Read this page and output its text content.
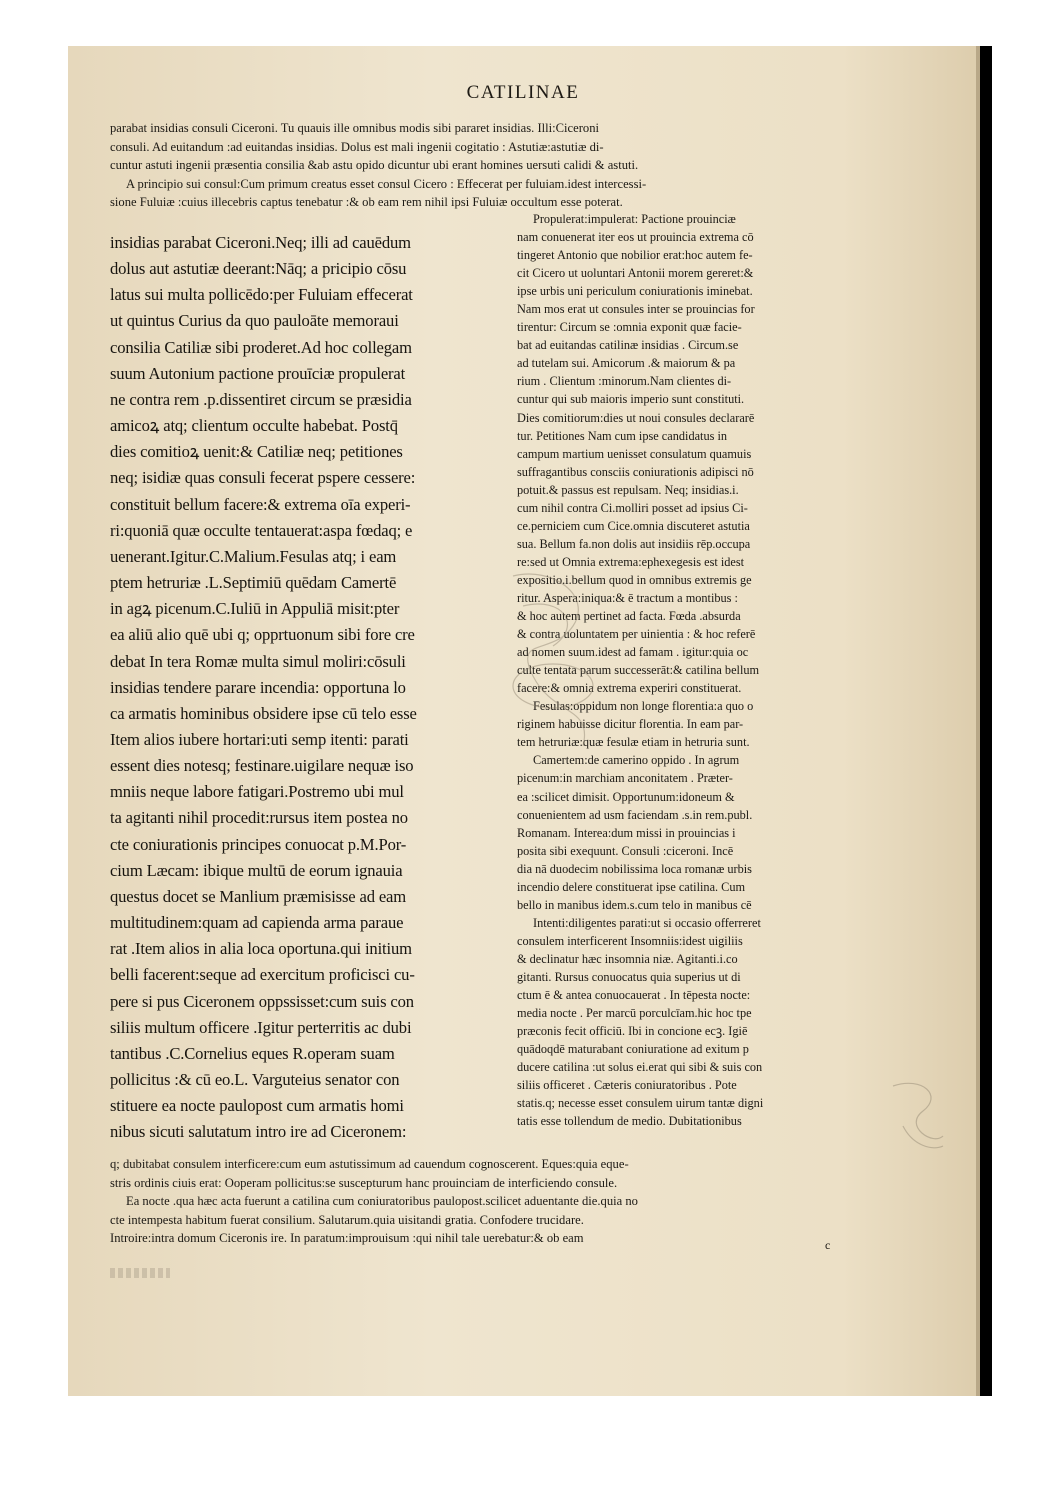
CATILINAE
parabat insidias consuli Ciceroni. Tu quauis ille omnibus modis sibi pararet insidias. Illi:Ciceroni
consuli. Ad euitandum :ad euitandas insidias. Dolus est mali ingenii cogitatio : Astutiæ:astutiæ di-
cuntur astuti ingenii præsentia consilia &ab astu opido dicuntur ubi erant homines uersuti calidi & astuti.
A principio sui consul:Cum primum creatus esset consul Cicero : Effecerat per fuluiam.idest intercessi-
sione Fuluiæ :cuius illecebris captus tenebatur :& ob eam rem nihil ipsi Fuluiæ occultum esse poterat.
insidias parabat Ciceroni.Neq; illi ad cauēdum
dolus aut astutiæ deerant:Nāq; a pricipio cōsu
latus sui multa pollicēdo:per Fuluiam effecerat
ut quintus Curius da quo pauloāte memoraui
consilia Catiliæ sibi proderet.Ad hoc collegam
suum Autonium pactione prouīciæ propulerat
ne contra rem .p.dissentiret circum se præsidia
amicoꝝ atq; clientum occulte habebat. Postq̄
dies comitioꝝ uenit:& Catiliæ neq; petitiones
neq; isidiæ quas consuli fecerat pspere cessere:
constituit bellum facere:& extrema oīa experi-
ri:quoniā quæ occulte tentauerat:aspa fœdaq; e
uenerant.Igitur.C.Malium.Fesulas atq; i eam
ptem hetruriæ .L.Septimiū quēdam Camertē
in agꝝ picenum.C.Iuliū in Appuliā misit:pter
ea aliū alio quē ubi q; opprtuonum sibi fore cre
debat In tera Romæ multa simul moliri:cōsuli
insidias tendere parare incendia: opportuna lo
ca armatis hominibus obsidere ipse cū telo esse
Item alios iubere hortari:uti semp itenti: parati
essent dies notesq; festinare.uigilare nequæ iso
mniis neque labore fatigari.Postremo ubi mul
ta agitanti nihil procedit:rursus item postea no
cte coniurationis principes conuocat p.M.Por-
cium Læcam: ibique multū de eorum ignauia
questus docet se Manlium præmisisse ad eam
multitudinem:quam ad capienda arma paraue
rat .Item alios in alia loca oportuna.qui initium
belli facerent:seque ad exercitum proficisci cu-
pere si pus Ciceronem oppssisset:cum suis con
siliis multum officere .Igitur perterritis ac dubi
tantibus .C.Cornelius eques R.operam suam
pollicitus :& cū eo.L. Varguteius senator con
stituere ea nocte paulopost cum armatis homi
nibus sicuti salutatum intro ire ad Ciceronem:
Propulerat:impulerat: Pactione prouinciæ
nam conuenerat iter eos ut prouincia extrema cō
tingeret Antonio que nobilior erat:hoc autem fe-
cit Cicero ut uoluntari Antonii morem gereret:&
ipse urbis uni periculum coniurationis iminebat.
Nam mos erat ut consules inter se prouincias for
tirentur: Circum se :omnia exponit quæ facie-
bat ad euitandas catilinæ insidias . Circum.se
ad tutelam sui. Amicorum .& maiorum & pa
rium . Clientum :minorum.Nam clientes di-
cuntur qui sub maioris imperio sunt constituti.
Dies comitiorum:dies ut noui consules declararē
tur. Petitiones Nam cum ipse candidatus in
campum martium uenisset consulatum quamuis
suffragantibus consciis coniurationis adipisci nō
potuit.& passus est repulsam. Neq; insidias.i.
cum nihil contra Ci.molliri posset ad ipsius Ci-
ce.perniciem cum Cice.omnia discuteret astutia
sua. Bellum fa.non dolis aut insidiis rēp.occupa
re:sed ut Omnia extrema:ephexegesis est idest
expositio.i.bellum quod in omnibus extremis ge
ritur. Aspera:iniqua:& ē tractum a montibus :
& hoc autem pertinet ad facta. Fœda .absurda
& contra uoluntatem per uinientia : & hoc referē
ad nomen suum.idest ad famam . igitur:quia oc
culte tentata parum successerāt:& catilina bellum
facere:& omnia extrema experiri constituerat.
Fesulas:oppidum non longe florentia:a quo o
riginem habuisse dicitur florentia. In eam par-
tem hetruriæ:quæ fesulæ etiam in hetruria sunt.
Camertem:de camerino oppido . In agrum
picenum:in marchiam anconitatem . Præter-
ea :scilicet dimisit. Opportunum:idoneum &
conuenientem ad usm faciendam .s.in rem.publ.
Romanam. Interea:dum missi in prouincias i
posita sibi exequunt. Consuli :ciceroni. Incē
dia nā duodecim nobilissima loca romanæ urbis
incendio delere constituerat ipse catilina. Cum
bello in manibus idem.s.cum telo in manibus cē
Intenti:diligentes parati:ut si occasio offerreret
consulem interficerent Insomniis:idest uigiliis
& declinatur hæc insomnia niæ. Agitanti.i.co
gitanti. Rursus conuocatus quia superius ut di
ctum ē & antea conuocauerat . In tēpesta nocte:
media nocte . Per marcū porculcīam.hic hoc tpe
præconis fecit officiū. Ibi in concione ecꝫ. Igiē
quādoqdē maturabant coniuratione ad exitum p
ducere catilina :ut solus ei.erat qui sibi & suis con
siliis officeret . Cæteris coniuratoribus . Pote
statis.q; necesse esset consulem uirum tantæ digni
tatis esse tollendum de medio. Dubitationibus
q; dubitabat consulem interficere:cum eum astutissimum ad cauendum cognoscerent. Eques:quia eque-
stris ordinis ciuis erat: Ooperam pollicitus:se suscepturum hanc prouinciam de interficiendo consule.
Ea nocte .qua hæc acta fuerunt a catilina cum coniuratoribus paulopost.scilicet aduentante die.quia no
cte intempesta habitum fuerat consilium. Salutarum.quia uisitandi gratia. Confodere trucidare.
Introire:intra domum Ciceronis ire. In paratum:improuisum :qui nihil tale uerebatur:& ob eam	c
